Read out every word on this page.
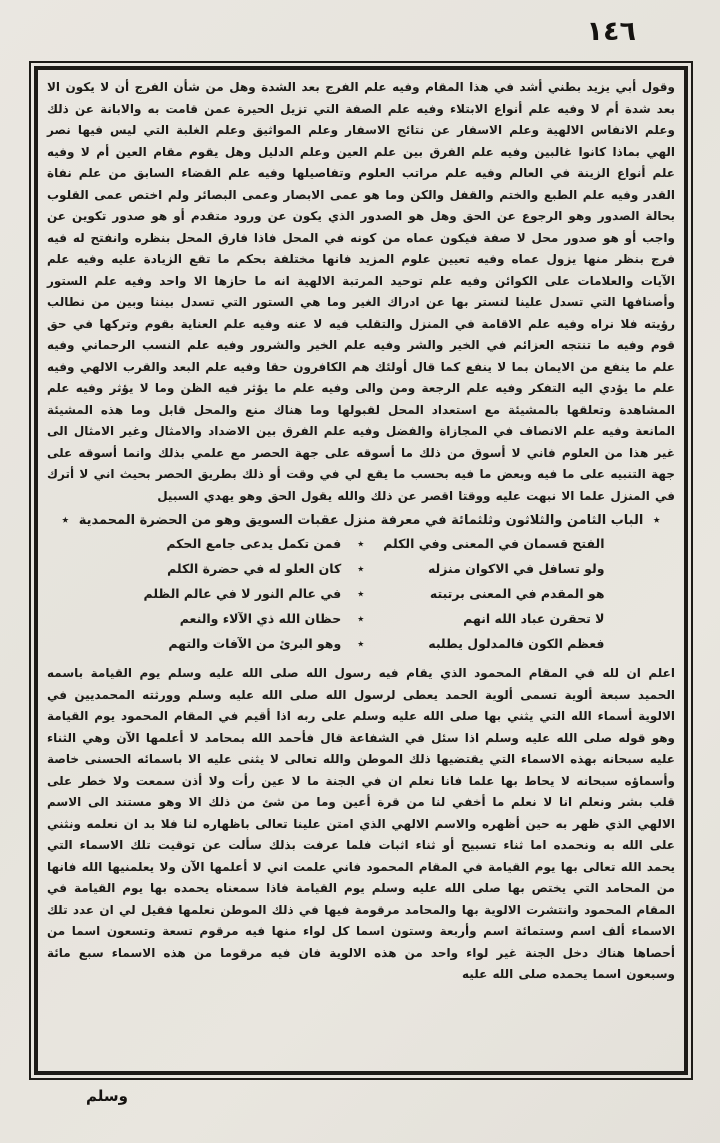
١٤٦
وقول أبي يزيد بطني أشد في هذا المقام وفيه علم الفرج بعد الشدة وهل من شأن الفرج أن لا يكون الا بعد شدة أم لا وفيه علم أنواع الابتلاء وفيه علم الصفة التي تزيل الحيرة عمن قامت به والابانة عن ذلك وعلم الانفاس الالهية وعلم الاسفار عن نتائج الاسفار وعلم المواثيق وعلم الغلبة التي ليس فيها نصر الهي بماذا كانوا غالبين وفيه علم الفرق بين علم العين وعلم الدليل وهل يقوم مقام العين أم لا وفيه علم أنواع الزينة في العالم وفيه علم مراتب العلوم وتفاصيلها وفيه علم القضاء السابق من علم نفاة القدر وفيه علم الطبع والختم والقفل والكن وما هو عمى الابصار وعمى البصائر ولم اختص عمى القلوب بحالة الصدور وهو الرجوع عن الحق وهل هو الصدور الذي يكون عن ورود متقدم أو هو صدور تكوين عن واجب أو هو صدور محل لا صفة فيكون عماه من كونه في المحل فاذا فارق المحل بنظره وانفتح له فيه فرج بنظر منها يزول عماه وفيه تعيين علوم المزيد فانها مختلفة بحكم ما تقع الزيادة عليه وفيه علم الآيات والعلامات على الكوائن وفيه علم توحيد المرتبة الالهية انه ما حازها الا واحد وفيه علم الستور وأصنافها التي تسدل علينا لنستر بها عن ادراك الغير وما هي الستور التي تسدل بيننا وبين من نطالب رؤيته فلا نراه وفيه علم الاقامة في المنزل والتقلب فيه لا عنه وفيه علم العناية بقوم وتركها في حق قوم وفيه ما تنتجه العزائم في الخير والشر وفيه علم الخير والشرور وفيه علم النسب الرحماني وفيه علم ما ينفع من الايمان بما لا ينفع كما قال أولئك هم الكافرون حقا وفيه علم البعد والقرب الالهي وفيه علم ما يؤدي اليه التفكر وفيه علم الرجعة ومن والى وفيه علم ما يؤثر فيه الظن وما لا يؤثر وفيه علم المشاهدة وتعلقها بالمشيئة مع استعداد المحل لقبولها وما هناك منع والمحل قابل وما هذه المشيئة المانعة وفيه علم الانصاف في المجازاة والفضل وفيه علم الفرق بين الاضداد والامثال وغير الامثال الى غير هذا من العلوم فاني لا أسوق من ذلك ما أسوقه على جهة الحصر مع علمي بذلك وانما أسوقه على جهة التنبيه على ما فيه وبعض ما فيه بحسب ما يقع لي في وقت أو ذلك بطريق الحصر بحيث اني لا أترك في المنزل علما الا نبهت عليه ووقتا اقصر عن ذلك والله يقول الحق وهو يهدي السبيل
٭ الباب الثامن والثلاثون وثلثمائة في معرفة منزل عقبات السويق وهو من الحضرة المحمدية ٭
الفتح قسمان في المعنى وفي الكلم
٭
فمن تكمل يدعى جامع الحكم
ولو تسافل في الاكوان منزله
٭
كان العلو له في حضرة الكلم
هو المقدم في المعنى برتبته
٭
في عالم النور لا في عالم الظلم
لا تحقرن عباد الله انهم
٭
حظان الله ذي الآلاء والنعم
فعظم الكون فالمدلول يطلبه
٭
وهو البرئ من الآفات والتهم
اعلم ان لله في المقام المحمود الذي يقام فيه رسول الله صلى الله عليه وسلم يوم القيامة باسمه الحميد سبعة ألوية تسمى ألوية الحمد يعطى لرسول الله صلى الله عليه وسلم وورثته المحمديين في الالوية أسماء الله التي يثني بها صلى الله عليه وسلم على ربه اذا أقيم في المقام المحمود يوم القيامة وهو قوله صلى الله عليه وسلم اذا سئل في الشفاعة قال فأحمد الله بمحامد لا أعلمها الآن وهي الثناء عليه سبحانه بهذه الاسماء التي يقتضيها ذلك الموطن والله تعالى لا يثنى عليه الا باسمائه الحسنى خاصة وأسماؤه سبحانه لا يحاط بها علما فانا نعلم ان في الجنة ما لا عين رأت ولا أذن سمعت ولا خطر على قلب بشر ونعلم انا لا نعلم ما أخفي لنا من قرة أعين وما من شئ من ذلك الا وهو مستند الى الاسم الالهي الذي ظهر به حين أظهره والاسم الالهي الذي امتن علينا تعالى باظهاره لنا فلا بد ان نعلمه ونثني على الله به ونحمده اما ثناء تسبيح أو ثناء اثبات فلما عرفت بذلك سألت عن توقيت تلك الاسماء التي يحمد الله تعالى بها يوم القيامة في المقام المحمود فاني علمت اني لا أعلمها الآن ولا يعلمنيها الله فانها من المحامد التي يختص بها صلى الله عليه وسلم يوم القيامة فاذا سمعناه يحمده بها يوم القيامة في المقام المحمود وانتشرت الالوية بها والمحامد مرقومة فيها في ذلك الموطن نعلمها فقيل لي ان عدد تلك الاسماء ألف اسم وستمائة اسم وأربعة وستون اسما كل لواء منها فيه مرقوم تسعة وتسعون اسما من أحصاها هناك دخل الجنة غير لواء واحد من هذه الالوية فان فيه مرقوما من هذه الاسماء سبع مائة وسبعون اسما يحمده صلى الله عليه
وسلم
